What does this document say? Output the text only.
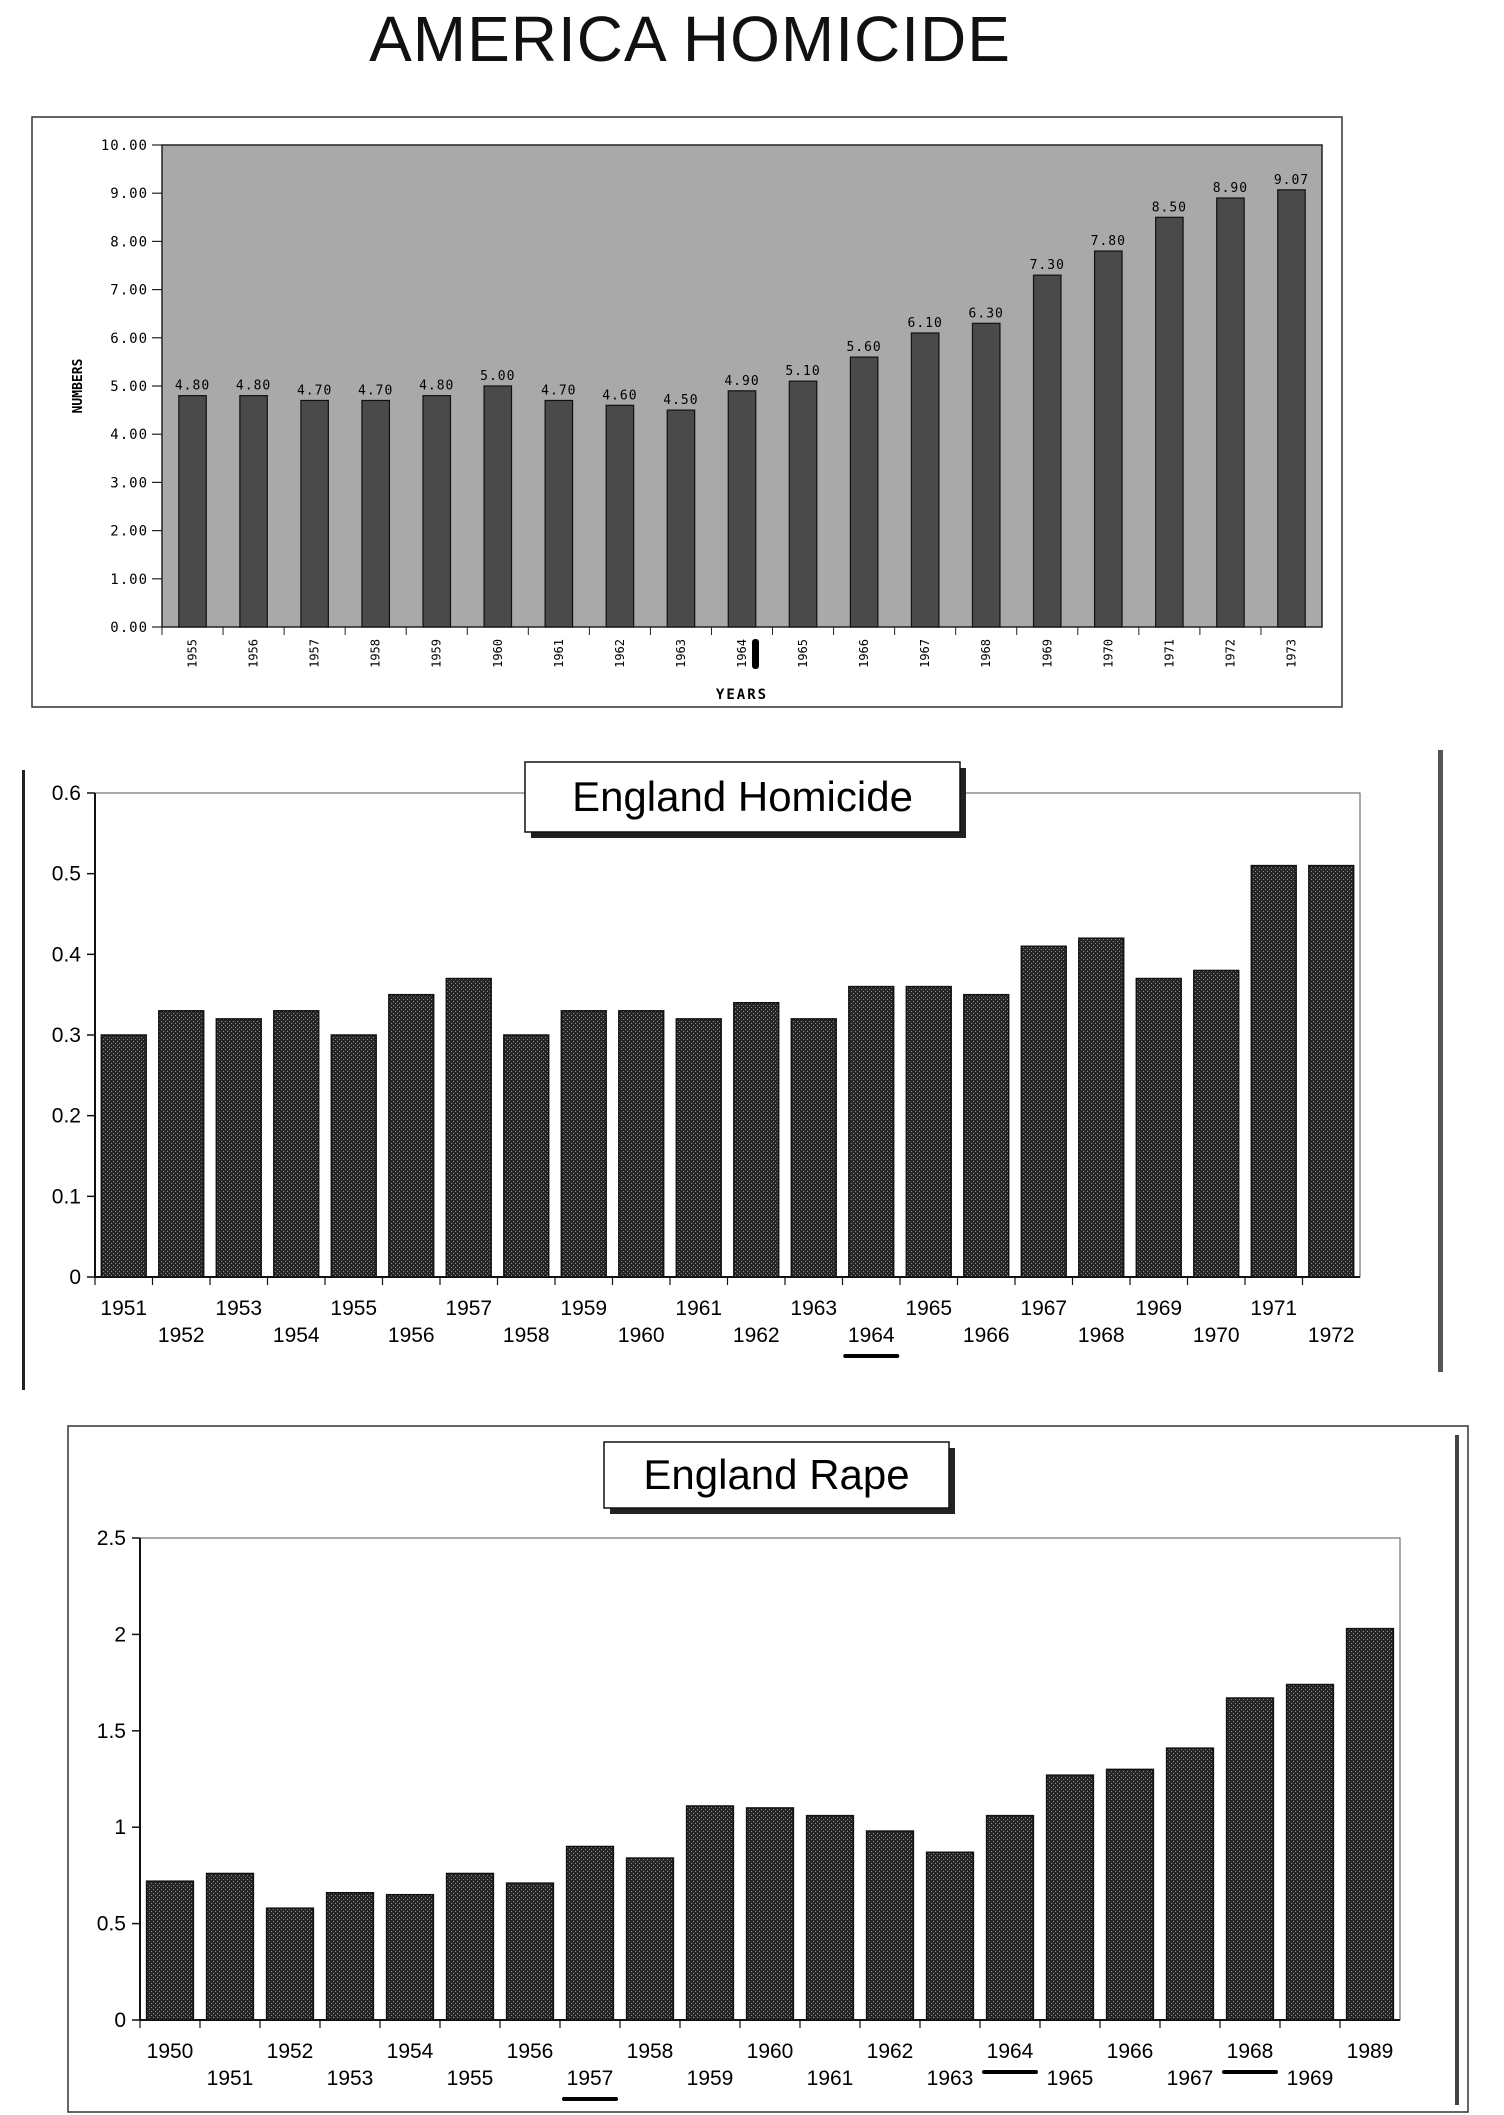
AMERICA HOMICIDE
0.00
1.00
2.00
3.00
4.00
5.00
6.00
7.00
8.00
9.00
10.00
NUMBERS	4.80
1955
4.80
1956
4.70
1957
4.70
1958
4.80
1959
5.00
1960
4.70
1961
4.60
1962
4.50
1963
4.90
1964
5.10
1965
5.60
1966
6.10
1967
6.30
1968
7.30
1969
7.80
1970
8.50
1971
8.90
1972
9.07
1973
YEARS
0
0.1
0.2
0.3
0.4
0.5
0.6
1951
1952
1953
1954
1955
1956
1957
1958
1959
1960
1961
1962
1963
1964
1965
1966
1967
1968
1969
1970
1971
1972
England Homicide
0
0.5
1
1.5
2
2.5
1950
1951
1952
1953
1954
1955
1956
1957
1958
1959
1960
1961
1962
1963
1964
1965
1966
1967
1968
1969
1989
England Rape
